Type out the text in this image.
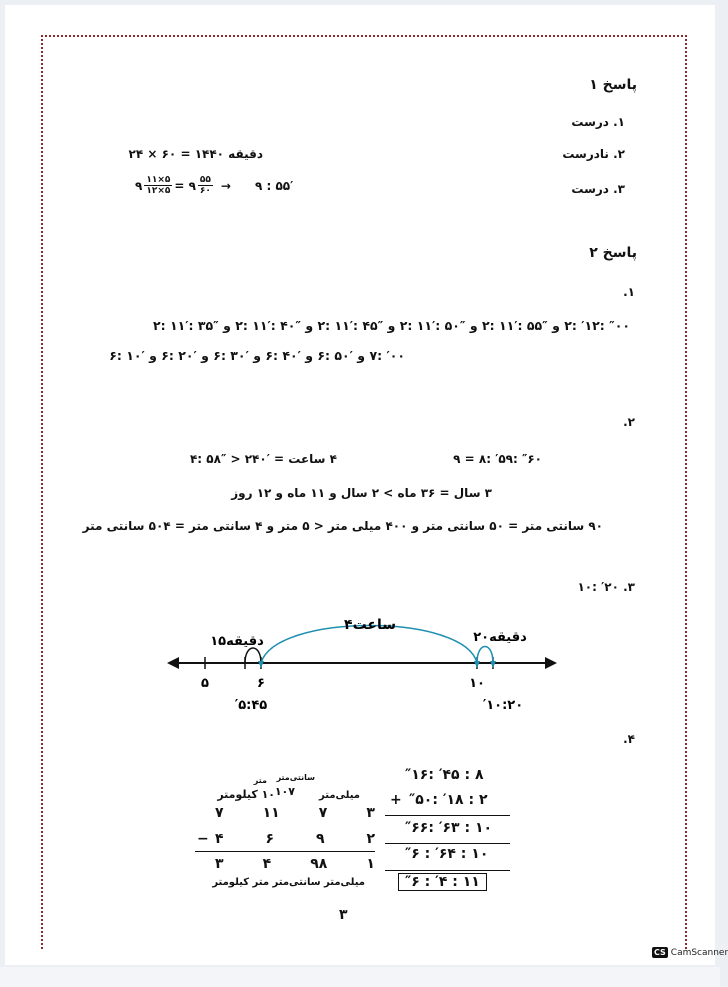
پاسخ ۱
۱. درست
۲. نادرست
دقیقه ۱۴۴۰ = ۶۰ × ۲۴
۳. درست
۹ $\frac{۱۱\times ۵}{۱۲\times ۵}$ = ۹ $\frac{۵۵}{۶۰}$ → ۹ : ۵۵′
پاسخ ۲
۱.
″۰۰ :′۱۲ :۲ و ″۵۵ :′۱۱ :۲ و ″۵۰ :′۱۱ :۲ و ″۴۵ :′۱۱ :۲ و ″۴۰ :′۱۱ :۲ و ″۳۵ :′۱۱ :۲
′۰۰ :۷ و ′۵۰ :۶ و ′۴۰ :۶ و ′۳۰ :۶ و ′۲۰ :۶ و ′۱۰ :۶
۲.
″۶۰ :′۵۹ :۸ = ۹
۴ ساعت = ′۲۴۰ < ″۵۸ :۴
۳ سال = ۳۶ ماه > ۲ سال و ۱۱ ماه و ۱۲ روز
۹۰ سانتی متر = ۵۰ سانتی متر و ۴۰۰ میلی متر < ۵ متر و ۴ سانتی متر = ۵۰۴ سانتی متر
۳. ′۲۰ :۱۰
۴ساعت
۱۵دقیقه	۲۰دقیقه
۵	۶	۱۰
′۵:۴۵	′۱۰:۲۰
۴.
″۱۶: ′۴۵ : ۸
+ ″۵۰: ′۱۸ : ۲
″۶۶: ′۶۳ : ۱۰
″۶ : ′۶۴ : ۱۰
″۶ : ′۴ : ۱۱
سانتی‌متر
متر
۱۰۷
۱۰ کیلومتر	میلی‌متر
۷	۱۱	۷	۳
− ۴	۶	۹	۲
۳	۴	۹۸	۱
میلی‌متر سانتی‌متر متر کیلومتر
۳
CS CamScanner
